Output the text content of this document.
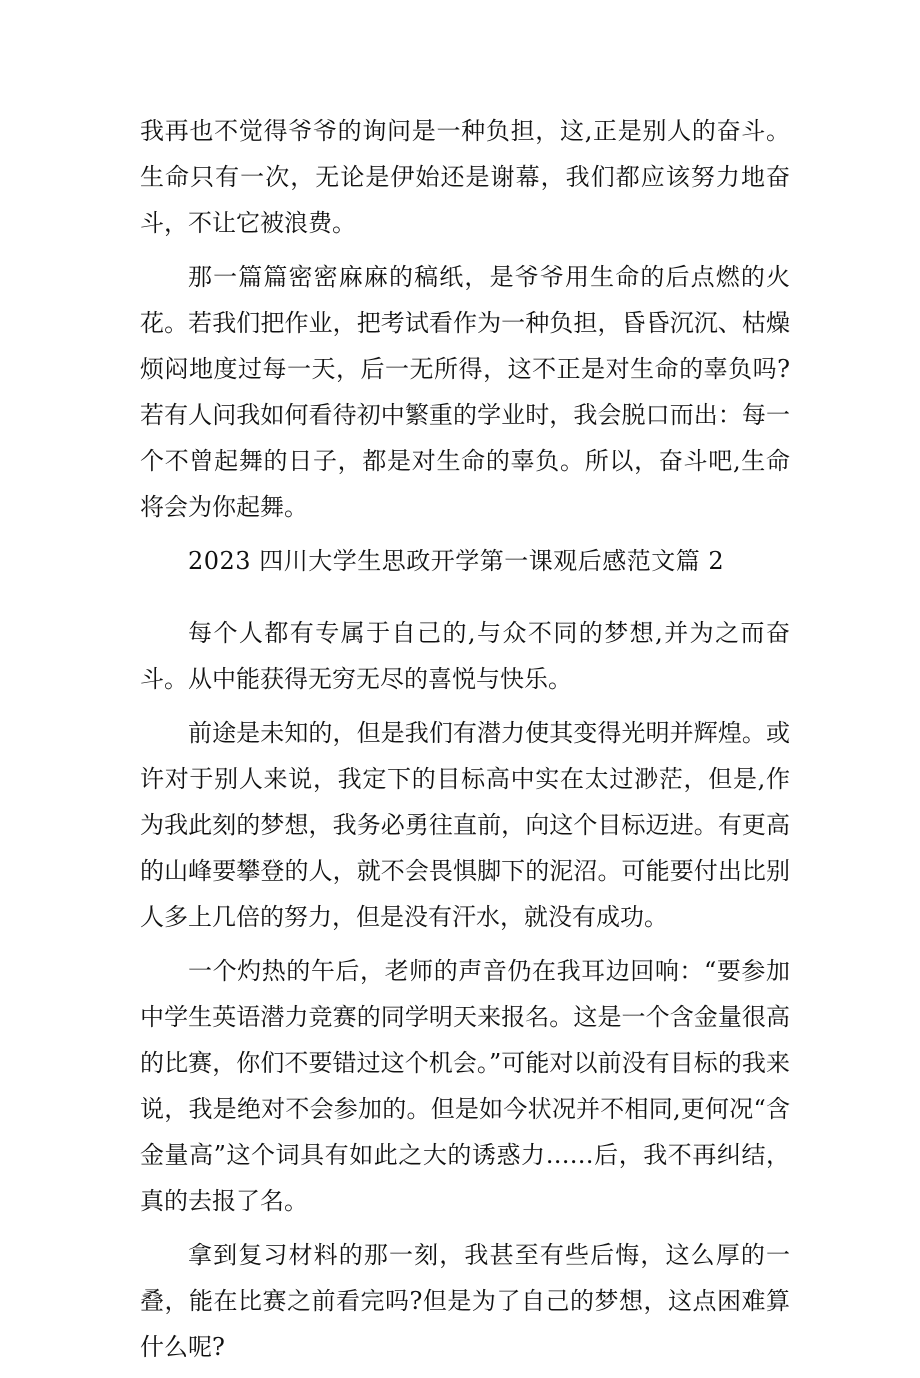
我再也不觉得爷爷的询问是一种负担，这,正是别人的奋斗。生命只有一次，无论是伊始还是谢幕，我们都应该努力地奋斗，不让它被浪费。

那一篇篇密密麻麻的稿纸，是爷爷用生命的后点燃的火花。若我们把作业，把考试看作为一种负担，昏昏沉沉、枯燥烦闷地度过每一天，后一无所得，这不正是对生命的辜负吗?若有人问我如何看待初中繁重的学业时，我会脱口而出：每一个不曾起舞的日子，都是对生命的辜负。所以，奋斗吧,生命将会为你起舞。

2023 四川大学生思政开学第一课观后感范文篇 2

每个人都有专属于自己的,与众不同的梦想,并为之而奋斗。从中能获得无穷无尽的喜悦与快乐。

前途是未知的，但是我们有潜力使其变得光明并辉煌。或许对于别人来说，我定下的目标高中实在太过渺茫，但是,作为我此刻的梦想，我务必勇往直前，向这个目标迈进。有更高的山峰要攀登的人，就不会畏惧脚下的泥沼。可能要付出比别人多上几倍的努力，但是没有汗水，就没有成功。

一个灼热的午后，老师的声音仍在我耳边回响：“要参加中学生英语潜力竞赛的同学明天来报名。这是一个含金量很高的比赛，你们不要错过这个机会。”可能对以前没有目标的我来说，我是绝对不会参加的。但是如今状况并不相同,更何况“含金量高”这个词具有如此之大的诱惑力……后，我不再纠结，真的去报了名。

拿到复习材料的那一刻，我甚至有些后悔，这么厚的一叠，能在比赛之前看完吗?但是为了自己的梦想，这点困难算什么呢?
